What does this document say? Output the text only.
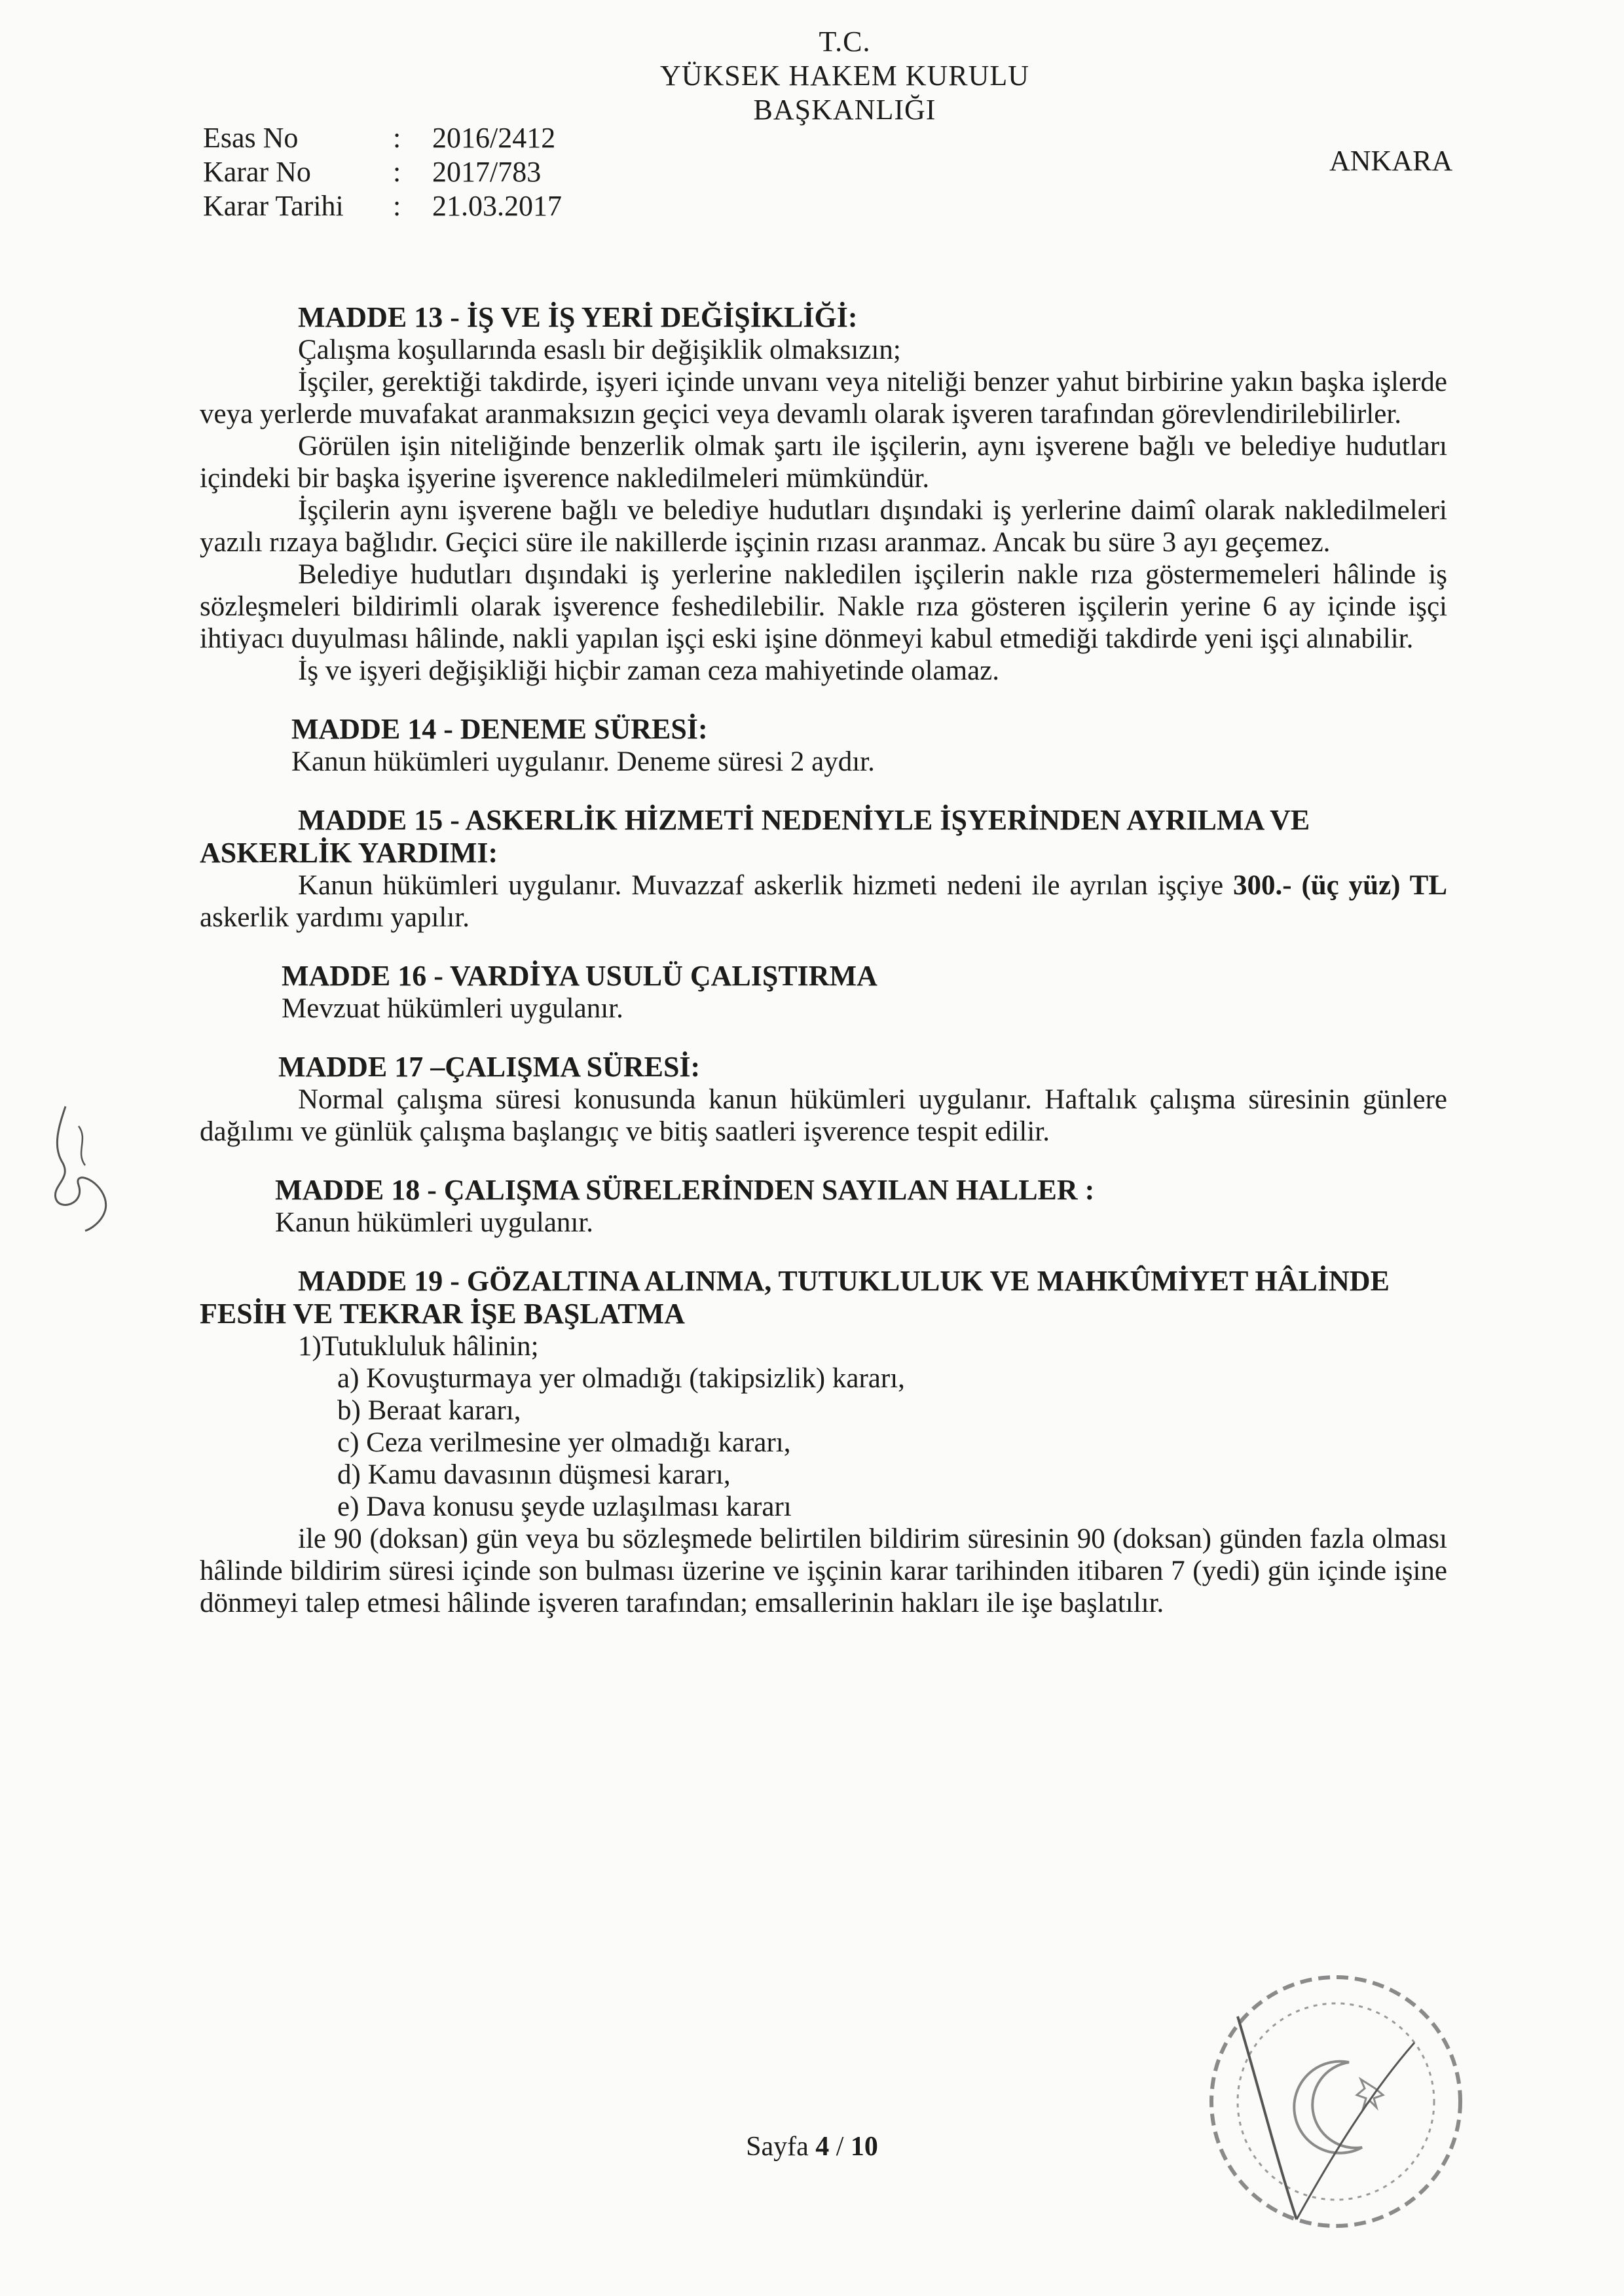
T.C.
YÜKSEK HAKEM KURULU
BAŞKANLIĞI
Esas No	: 2016/2412
Karar No	: 2017/783
Karar Tarihi : 21.03.2017
ANKARA
MADDE 13 - İŞ VE İŞ YERİ DEĞİŞİKLİĞİ:

Çalışma koşullarında esaslı bir değişiklik olmaksızın;

İşçiler, gerektiği takdirde, işyeri içinde unvanı veya niteliği benzer yahut birbirine yakın başka işlerde veya yerlerde muvafakat aranmaksızın geçici veya devamlı olarak işveren tarafından görevlendirilebilirler.

Görülen işin niteliğinde benzerlik olmak şartı ile işçilerin, aynı işverene bağlı ve belediye hudutları içindeki bir başka işyerine işverence nakledilmeleri mümkündür.

İşçilerin aynı işverene bağlı ve belediye hudutları dışındaki iş yerlerine daimî olarak nakledilmeleri yazılı rızaya bağlıdır. Geçici süre ile nakillerde işçinin rızası aranmaz. Ancak bu süre 3 ayı geçemez.

Belediye hudutları dışındaki iş yerlerine nakledilen işçilerin nakle rıza göstermemeleri hâlinde iş sözleşmeleri bildirimli olarak işverence feshedilebilir. Nakle rıza gösteren işçilerin yerine 6 ay içinde işçi ihtiyacı duyulması hâlinde, nakli yapılan işçi eski işine dönmeyi kabul etmediği takdirde yeni işçi alınabilir.

İş ve işyeri değişikliği hiçbir zaman ceza mahiyetinde olamaz.

MADDE 14 - DENEME SÜRESİ:

Kanun hükümleri uygulanır. Deneme süresi 2 aydır.

MADDE 15 - ASKERLİK HİZMETİ NEDENİYLE İŞYERİNDEN AYRILMA VE ASKERLİK YARDIMI:

Kanun hükümleri uygulanır. Muvazzaf askerlik hizmeti nedeni ile ayrılan işçiye 300.- (üç yüz) TL askerlik yardımı yapılır.

MADDE 16 - VARDİYA USULÜ ÇALIŞTIRMA

Mevzuat hükümleri uygulanır.

MADDE 17 –ÇALIŞMA SÜRESİ:

Normal çalışma süresi konusunda kanun hükümleri uygulanır. Haftalık çalışma süresinin günlere dağılımı ve günlük çalışma başlangıç ve bitiş saatleri işverence tespit edilir.

MADDE 18 - ÇALIŞMA SÜRELERİNDEN SAYILAN HALLER :

Kanun hükümleri uygulanır.

MADDE 19 - GÖZALTINA ALINMA, TUTUKLULUK VE MAHKÛMİYET HÂLİNDE FESİH VE TEKRAR İŞE BAŞLATMA

1)Tutukluluk hâlinin;

a) Kovuşturmaya yer olmadığı (takipsizlik) kararı,
b) Beraat kararı,
c) Ceza verilmesine yer olmadığı kararı,
d) Kamu davasının düşmesi kararı,
e) Dava konusu şeyde uzlaşılması kararı

ile 90 (doksan) gün veya bu sözleşmede belirtilen bildirim süresinin 90 (doksan) günden fazla olması hâlinde bildirim süresi içinde son bulması üzerine ve işçinin karar tarihinden itibaren 7 (yedi) gün içinde işine dönmeyi talep etmesi hâlinde işveren tarafından; emsallerinin hakları ile işe başlatılır.

Sayfa 4 / 10
